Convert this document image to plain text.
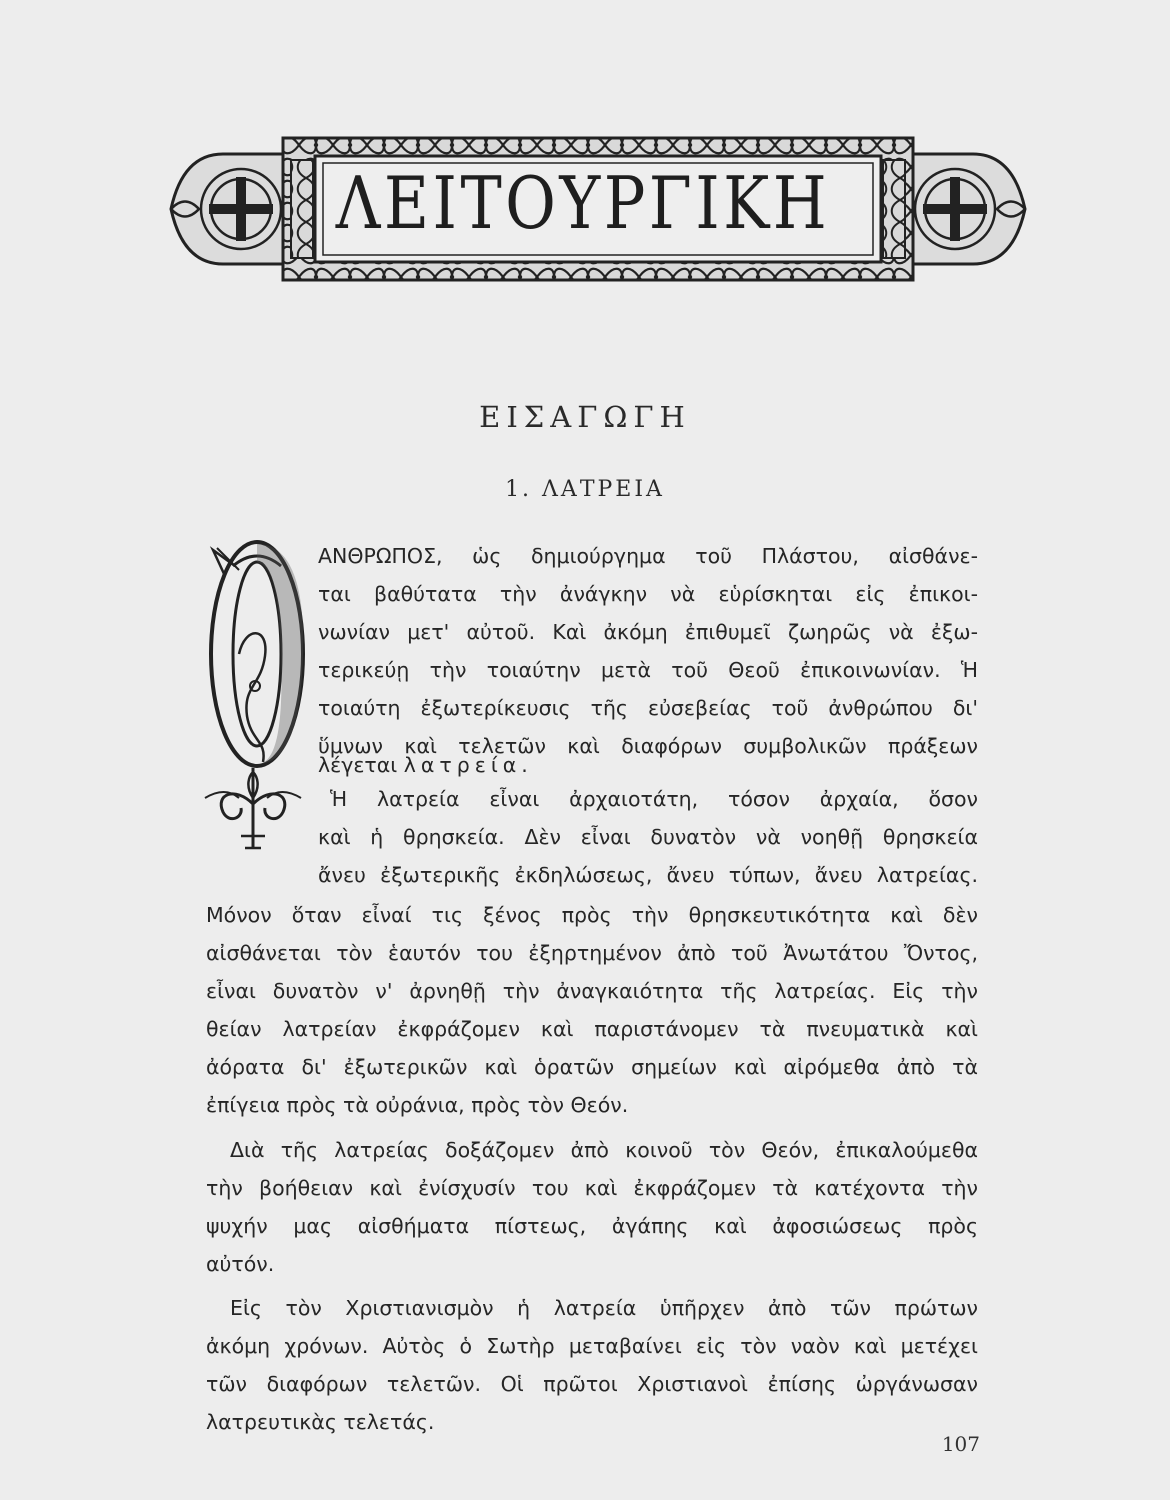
ΛΕΙΤΟΥΡΓΙΚΗ
ΕΙΣΑΓΩΓΗ
1. ΛΑΤΡΕΙΑ
ΑΝΘΡΩΠΟΣ, ὡς δημιούργημα τοῦ Πλάστου, αἰσθάνε-
ται βαθύτατα τὴν ἀνάγκην νὰ εὑρίσκηται εἰς ἐπικοι-
νωνίαν μετ' αὐτοῦ. Καὶ ἀκόμη ἐπιθυμεῖ ζωηρῶς νὰ ἐξω-
τερικεύῃ τὴν τοιαύτην μετὰ τοῦ Θεοῦ ἐπικοινωνίαν. Ἡ
τοιαύτη ἐξωτερίκευσις τῆς εὐσεβείας τοῦ ἀνθρώπου δι'
ὕμνων καὶ τελετῶν καὶ διαφόρων συμβολικῶν πράξεων
λέγεται λατρεία.
Ἡ λατρεία εἶναι ἀρχαιοτάτη, τόσον ἀρχαία, ὅσον
καὶ ἡ θρησκεία. Δὲν εἶναι δυνατὸν νὰ νοηθῇ θρησκεία
ἄνευ ἐξωτερικῆς ἐκδηλώσεως, ἄνευ τύπων, ἄνευ λατρείας.
Μόνον ὅταν εἶναί τις ξένος πρὸς τὴν θρησκευτικότητα καὶ δὲν
αἰσθάνεται τὸν ἑαυτόν του ἐξηρτημένον ἀπὸ τοῦ Ἀνωτάτου Ὄντος,
εἶναι δυνατὸν ν' ἀρνηθῇ τὴν ἀναγκαιότητα τῆς λατρείας. Εἰς τὴν
θείαν λατρείαν ἐκφράζομεν καὶ παριστάνομεν τὰ πνευματικὰ καὶ
ἀόρατα δι' ἐξωτερικῶν καὶ ὁρατῶν σημείων καὶ αἰρόμεθα ἀπὸ τὰ
ἐπίγεια πρὸς τὰ οὐράνια, πρὸς τὸν Θεόν.
Διὰ τῆς λατρείας δοξάζομεν ἀπὸ κοινοῦ τὸν Θεόν, ἐπικαλούμεθα
τὴν βοήθειαν καὶ ἐνίσχυσίν του καὶ ἐκφράζομεν τὰ κατέχοντα τὴν
ψυχήν μας αἰσθήματα πίστεως, ἀγάπης καὶ ἀφοσιώσεως πρὸς
αὐτόν.
Εἰς τὸν Χριστιανισμὸν ἡ λατρεία ὑπῆρχεν ἀπὸ τῶν πρώτων
ἀκόμη χρόνων. Αὐτὸς ὁ Σωτὴρ μεταβαίνει εἰς τὸν ναὸν καὶ μετέχει
τῶν διαφόρων τελετῶν. Οἱ πρῶτοι Χριστιανοὶ ἐπίσης ὠργάνωσαν
λατρευτικὰς τελετάς.
107
